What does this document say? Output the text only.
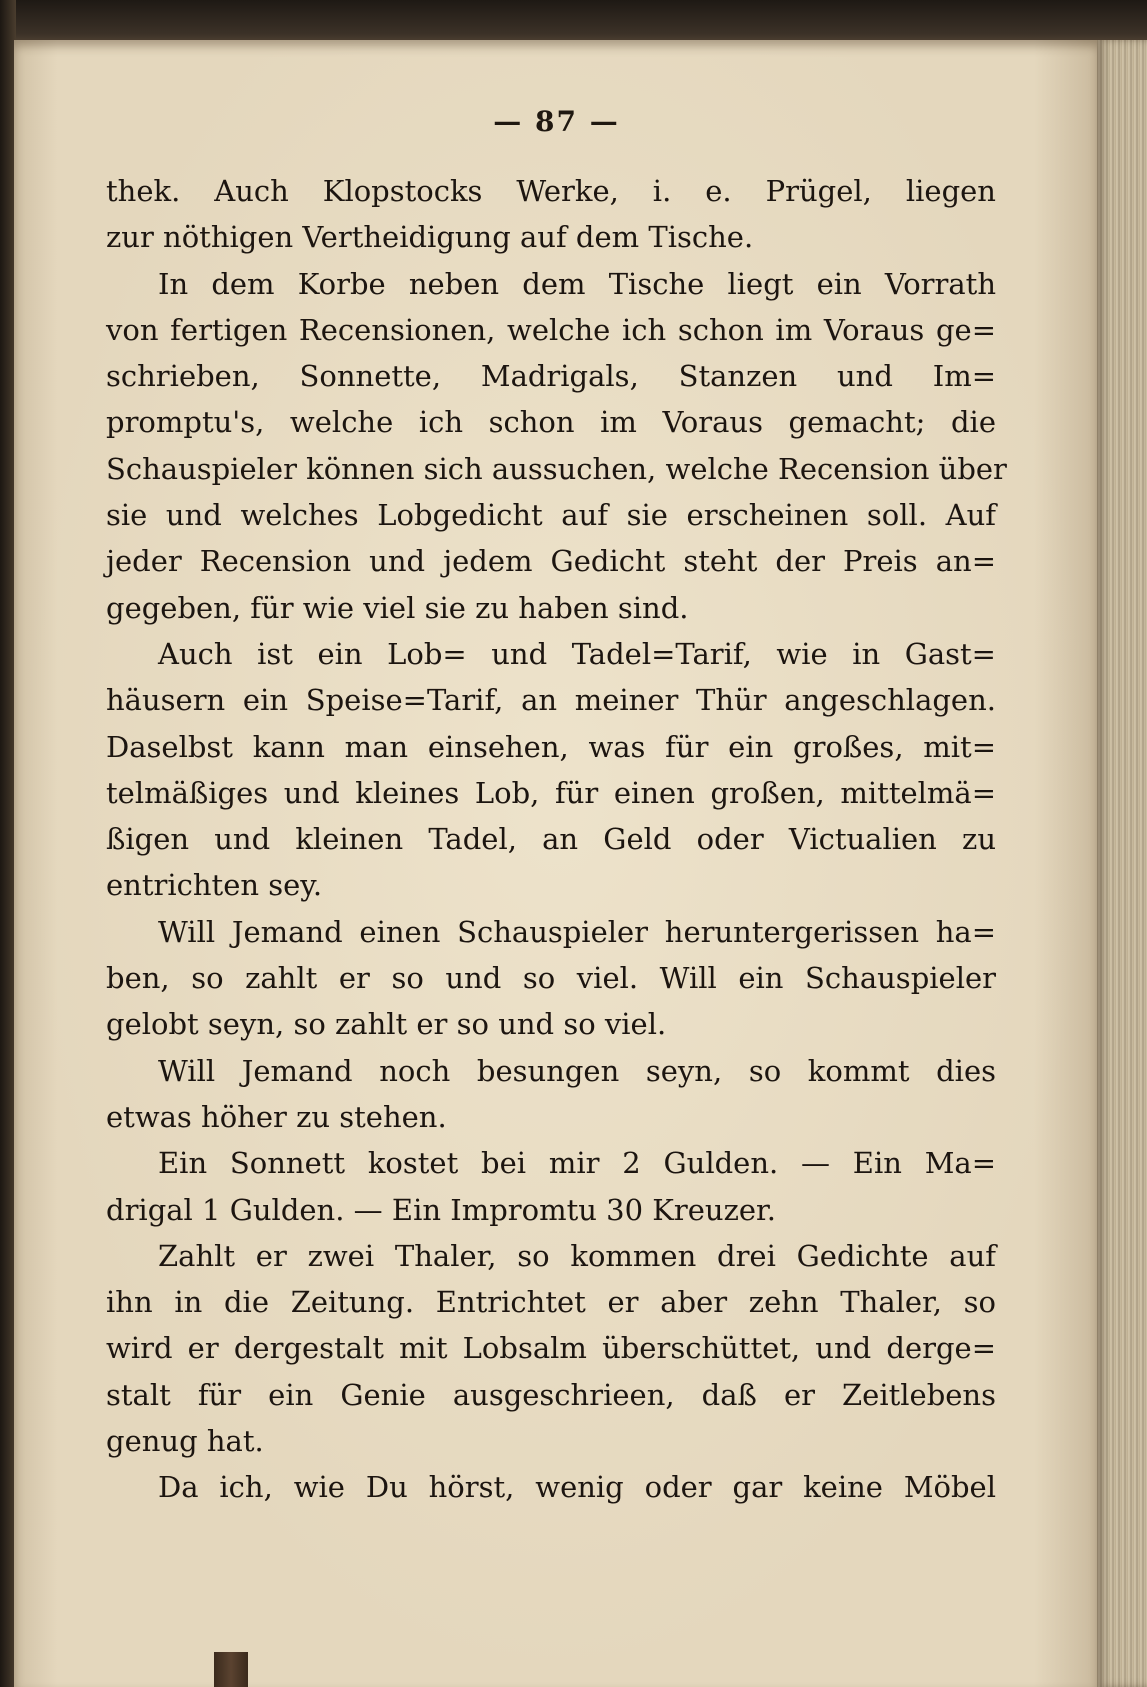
— 87 —
thek. Auch Klopstocks Werke, i. e. Prügel, liegen
zur nöthigen Vertheidigung auf dem Tische.
In dem Korbe neben dem Tische liegt ein Vorrath
von fertigen Recensionen, welche ich schon im Voraus ge=
schrieben, Sonnette, Madrigals, Stanzen und Im=
promptu's, welche ich schon im Voraus gemacht; die
Schauspieler können sich aussuchen, welche Recension über
sie und welches Lobgedicht auf sie erscheinen soll. Auf
jeder Recension und jedem Gedicht steht der Preis an=
gegeben, für wie viel sie zu haben sind.
Auch ist ein Lob= und Tadel=Tarif, wie in Gast=
häusern ein Speise=Tarif, an meiner Thür angeschlagen.
Daselbst kann man einsehen, was für ein großes, mit=
telmäßiges und kleines Lob, für einen großen, mittelmä=
ßigen und kleinen Tadel, an Geld oder Victualien zu
entrichten sey.
Will Jemand einen Schauspieler heruntergerissen ha=
ben, so zahlt er so und so viel. Will ein Schauspieler
gelobt seyn, so zahlt er so und so viel.
Will Jemand noch besungen seyn, so kommt dies
etwas höher zu stehen.
Ein Sonnett kostet bei mir 2 Gulden. — Ein Ma=
drigal 1 Gulden. — Ein Impromtu 30 Kreuzer.
Zahlt er zwei Thaler, so kommen drei Gedichte auf
ihn in die Zeitung. Entrichtet er aber zehn Thaler, so
wird er dergestalt mit Lobsalm überschüttet, und derge=
stalt für ein Genie ausgeschrieen, daß er Zeitlebens
genug hat.
Da ich, wie Du hörst, wenig oder gar keine Möbel
